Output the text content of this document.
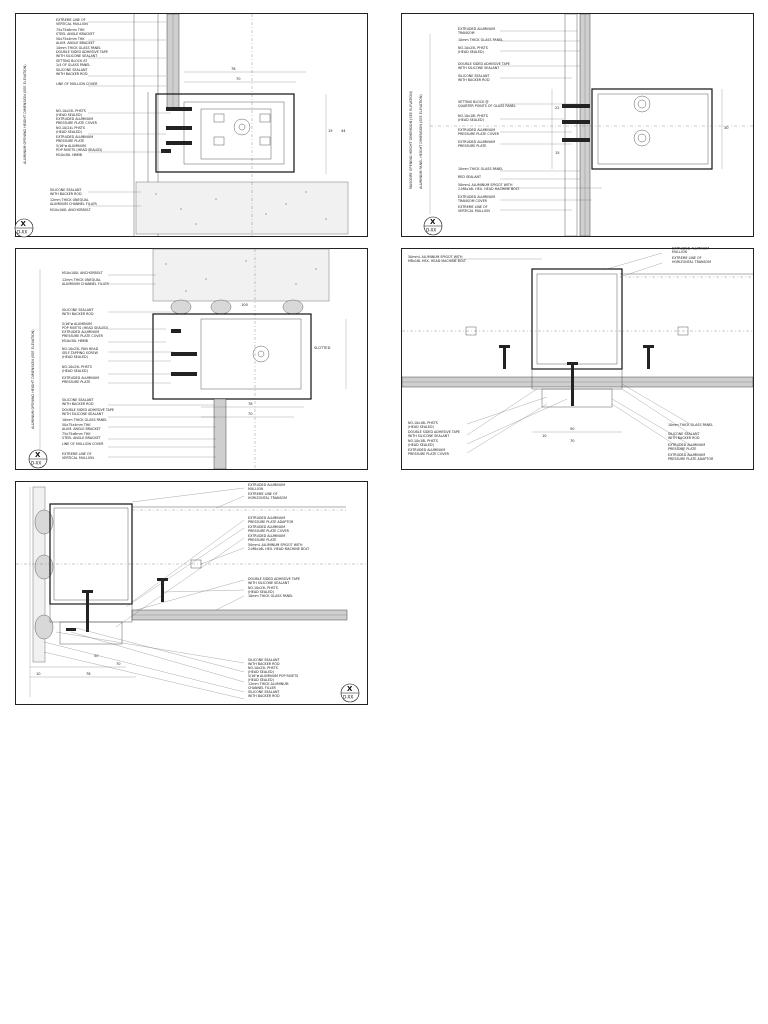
ALUMINUM OPENING HEIGHT DIMENSION (SEE ELEVATION)	78
70
19 44
EXTREME LINE OF
VERTICAL MULLION
75x75x6mm THK
STEEL ANGLE BRACKET
50x75x4mm THK
ALUM. ANGLE BRACKET
10mm THICK GLASS PANEL
DOUBLE SIDED ADHESIVE TAPE
WITH SILICONE SEALANT
SETTING BLOCK AT
1/4 OF GLASS PANEL
SILICONE SEALANT
WITH BACKER ROD
LINE OF MULLION COVER
NO.10x25L PHSTS
(HEAD SEALED)
EXTRUDED ALUMINUM
PRESSURE PLATE COVER
NO.10/24L PHSTS
(HEAD SEALED)
EXTRUDED ALUMINUM
PRESSURE PLATE
5/16"ø ALUMINUM
POP RIVETS (HEAD SEALED)
M10x30L HBMB
SILICONE SEALANT
WITH BACKER ROD
12mm THICK UNEQUAL
ALUMINUM CHANNEL FILLER
M10x100L ANCHORBOLT
X
D-XX
MASONRY OPENING HEIGHT DIMENSION (SEE ELEVATION) ALUMINUM PANEL HEIGHT DIMENSION (SEE ELEVATION)	22
30
15
EXTRUDED ALUMINUM
TRANSOM
10mm THICK GLASS PANEL
NO.10x25L PHSTS
(HEAD SEALED)
DOUBLE SIDED ADHESIVE TAPE
WITH SILICONE SEALANT
SILICONE SEALANT
WITH BACKER ROD
SETTING BLOCK @
QUARTER POINTS OF GLASS PANEL
NO.10x18L PHSTS
(HEAD SEALED)
EXTRUDED ALUMINUM
PRESSURE PLATE COVER
EXTRUDED ALUMINUM
PRESSURE PLATE
10mm THICK GLASS PANEL
RED SEALANT
50mmL ALUMINUM SPIGOT WITH
2-M8x16L HEX. HEAD MACHINE BOLT
EXTRUDED ALUMINUM
TRANSOM COVER
EXTREME LINE OF
VERTICAL MULLION
X
D-XX
ALUMINUM OPENING HEIGHT DIMENSION (SEE ELEVATION)	78
70
100
SLOTTED
M10x100L ANCHORBOLT
12mm THICK UNEQUAL
ALUMINUM CHANNEL FILLER
SILICONE SEALANT
WITH BACKER ROD
5/16"ø ALUMINUM
POP RIVETS (HEAD SEALED)
EXTRUDED ALUMINUM
PRESSURE PLATE COVER
M10x30L HBMB
NO.10x25L PAN HEAD
SELF-TAPPING SCREW
(HEAD SEALED)
NO.10x25L PHSTS
(HEAD SEALED)
EXTRUDED ALUMINUM
PRESSURE PLATE
SILICONE SEALANT
WITH BACKER ROD
DOUBLE SIDED ADHESIVE TAPE
WITH SILICONE SEALANT
10mm THICK GLASS PANEL
50x75x4mm THK
ALUM. ANGLE BRACKET
75x75x6mm THK
STEEL ANGLE BRACKET
LINE OF MULLION COVER
EXTREME LINE OF
VERTICAL MULLION
X
D-XX
50
10
70
50mmL ALUMINUM SPIGOT WITH
M8x16L HEX. HEAD MACHINE BOLT
EXTRUDED ALUMINUM
MULLION
EXTREME LINE OF
HORIZONTAL TRANSOM
NO.10x18L PHSTS
(HEAD SEALED)
DOUBLE SIDED ADHESIVE TAPE
WITH SILICONE SEALANT
NO.10x18L PHSTS
(HEAD SEALED)
EXTRUDED ALUMINUM
PRESSURE PLATE COVER
10mm THICK GLASS PANEL
SILICONE SEALANT
WITH BACKER ROD
EXTRUDED ALUMINUM
PRESSURE PLATE
EXTRUDED ALUMINUM
PRESSURE PLATE ADAPTOR
78
70
50
10
EXTRUDED ALUMINUM
MULLION
EXTREME LINE OF
HORIZONTAL TRANSOM
EXTRUDED ALUMINUM
PRESSURE PLATE ADAPTOR
EXTRUDED ALUMINUM
PRESSURE PLATE COVER
EXTRUDED ALUMINUM
PRESSURE PLATE
50mmL ALUMINUM SPIGOT WITH
2-M8x16L HEX. HEAD MACHINE BOLT
DOUBLE SIDED ADHESIVE TAPE
WITH SILICONE SEALANT
NO.10x25L PHSTS
(HEAD SEALED)
10mm THICK GLASS PANEL
SILICONE SEALANT
WITH BACKER ROD
NO.10x25L PHSTS
(HEAD SEALED)
5/16"ø ALUMINUM POP RIVETS
(HEAD SEALED)
12mm THICK ALUMINUM
CHANNEL FILLER
SILICONE SEALANT
WITH BACKER ROD
X
D-XX
